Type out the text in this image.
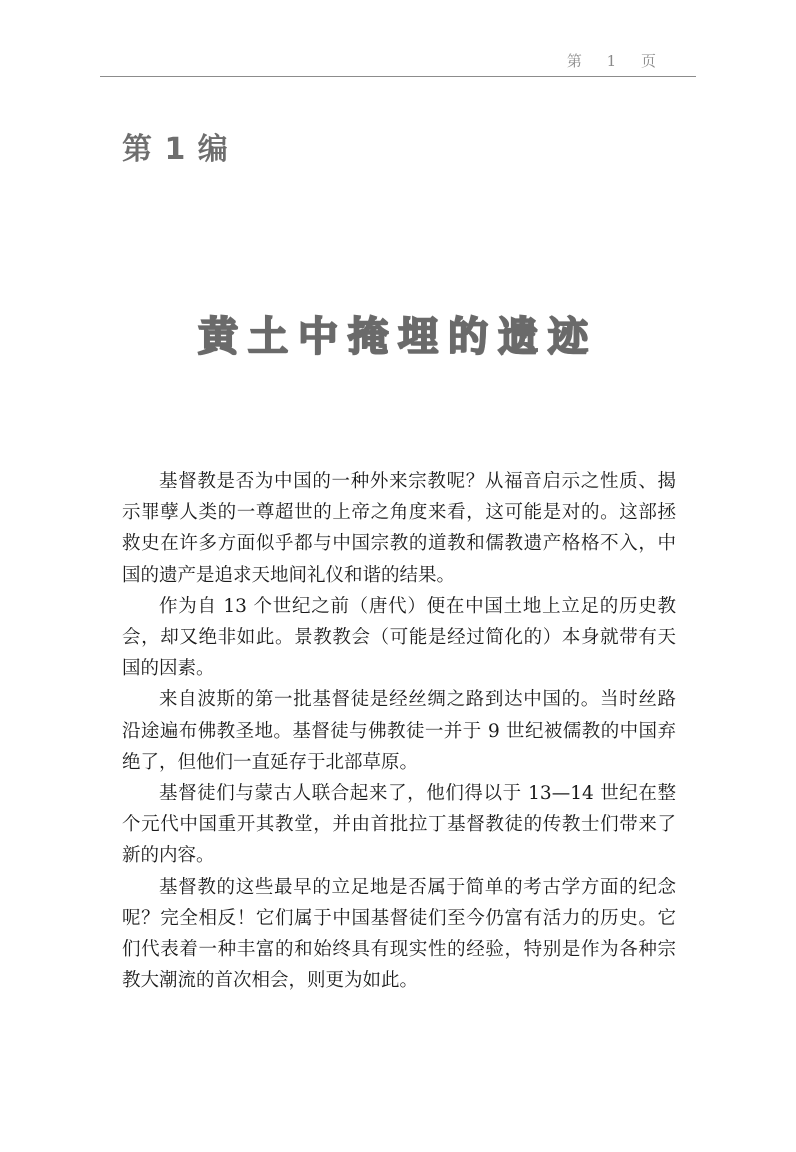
第 1 页
第 1 编
黄土中掩埋的遗迹

基督教是否为中国的一种外来宗教呢？从福音启示之性质、揭示罪孽人类的一尊超世的上帝之角度来看，这可能是对的。这部拯救史在许多方面似乎都与中国宗教的道教和儒教遗产格格不入，中国的遗产是追求天地间礼仪和谐的结果。

作为自 13 个世纪之前（唐代）便在中国土地上立足的历史教会，却又绝非如此。景教教会（可能是经过简化的）本身就带有天国的因素。

来自波斯的第一批基督徒是经丝绸之路到达中国的。当时丝路沿途遍布佛教圣地。基督徒与佛教徒一并于 9 世纪被儒教的中国弃绝了，但他们一直延存于北部草原。

基督徒们与蒙古人联合起来了，他们得以于 13—14 世纪在整个元代中国重开其教堂，并由首批拉丁基督教徒的传教士们带来了新的内容。

基督教的这些最早的立足地是否属于简单的考古学方面的纪念呢？完全相反！它们属于中国基督徒们至今仍富有活力的历史。它们代表着一种丰富的和始终具有现实性的经验，特别是作为各种宗教大潮流的首次相会，则更为如此。
